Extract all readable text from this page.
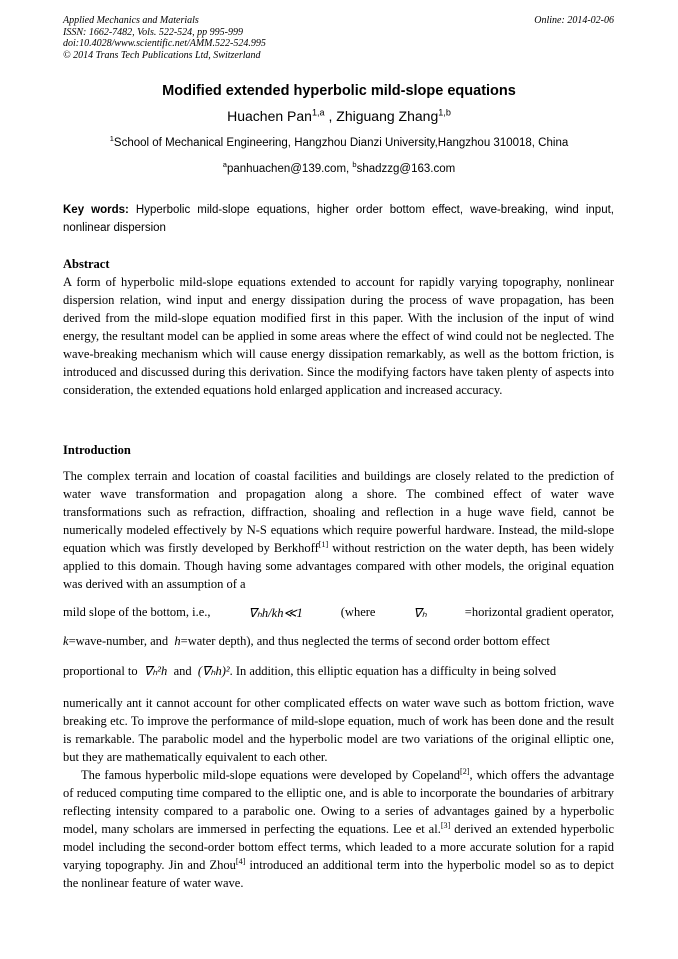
Applied Mechanics and Materials
ISSN: 1662-7482, Vols. 522-524, pp 995-999
doi:10.4028/www.scientific.net/AMM.522-524.995
© 2014 Trans Tech Publications Ltd, Switzerland
Online: 2014-02-06
Modified extended hyperbolic mild-slope equations
Huachen Pan$^{1,a}$ , Zhiguang Zhang$^{1,b}$
$^1$School of Mechanical Engineering, Hangzhou Dianzi University,Hangzhou 310018, China
$^a$panhuachen@139.com, $^b$shadzzg@163.com
Key words: Hyperbolic mild-slope equations, higher order bottom effect, wave-breaking, wind input, nonlinear dispersion
Abstract
A form of hyperbolic mild-slope equations extended to account for rapidly varying topography, nonlinear dispersion relation, wind input and energy dissipation during the process of wave propagation, has been derived from the mild-slope equation modified first in this paper. With the inclusion of the input of wind energy, the resultant model can be applied in some areas where the effect of wind could not be neglected. The wave-breaking mechanism which will cause energy dissipation remarkably, as well as the bottom friction, is introduced and discussed during this derivation. Since the modifying factors have taken plenty of aspects into consideration, the extended equations hold enlarged application and increased accuracy.
Introduction
The complex terrain and location of coastal facilities and buildings are closely related to the prediction of water wave transformation and propagation along a shore. The combined effect of water wave transformations such as refraction, diffraction, shoaling and reflection in a huge wave field, cannot be numerically modeled effectively by N-S equations which require powerful hardware. Instead, the mild-slope equation which was firstly developed by Berkhoff[1] without restriction on the water depth, has been widely applied to this domain. Though having some advantages compared with other models, the original equation was derived with an assumption of a
mild slope of the bottom, i.e.,	∇ₕh/kh≪1	(where	∇ₕ	=horizontal gradient operator,
k=wave-number, and h=water depth), and thus neglected the terms of second order bottom effect
proportional to ∇ₕ²h and (∇ₕh)². In addition, this elliptic equation has a difficulty in being solved
numerically ant it cannot account for other complicated effects on water wave such as bottom friction, wave breaking etc. To improve the performance of mild-slope equation, much of work has been done and the result is remarkable. The parabolic model and the hyperbolic model are two variations of the original elliptic one, but they are mathematically equivalent to each other.
The famous hyperbolic mild-slope equations were developed by Copeland[2], which offers the advantage of reduced computing time compared to the elliptic one, and is able to incorporate the boundaries of arbitrary reflecting intensity compared to a parabolic one. Owing to a series of advantages gained by a hyperbolic model, many scholars are immersed in perfecting the equations. Lee et al.[3] derived an extended hyperbolic model including the second-order bottom effect terms, which leaded to a more accurate solution for a rapid varying topography. Jin and Zhou[4] introduced an additional term into the hyperbolic model so as to depict the nonlinear feature of water wave.
